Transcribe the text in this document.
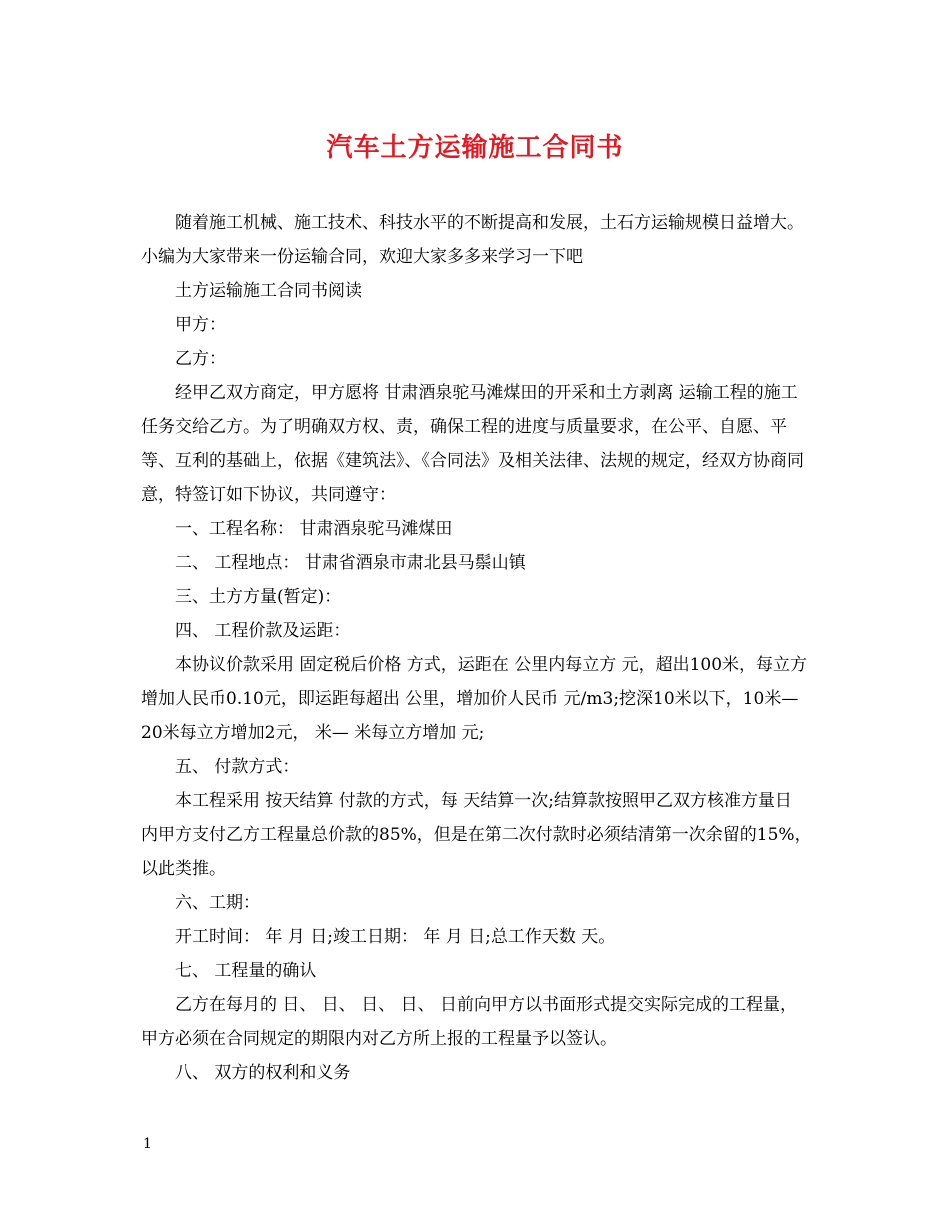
汽车土方运输施工合同书

随着施工机械、施工技术、科技水平的不断提高和发展，土石方运输规模日益增大。小编为大家带来一份运输合同，欢迎大家多多来学习一下吧

土方运输施工合同书阅读

甲方：

乙方：

经甲乙双方商定，甲方愿将 甘肃酒泉驼马滩煤田的开采和土方剥离 运输工程的施工任务交给乙方。为了明确双方权、责，确保工程的进度与质量要求，在公平、自愿、平等、互利的基础上，依据《建筑法》、《合同法》及相关法律、法规的规定，经双方协商同意，特签订如下协议，共同遵守：

一、工程名称： 甘肃酒泉驼马滩煤田

二、 工程地点： 甘肃省酒泉市肃北县马鬃山镇

三、土方方量(暂定)：

四、 工程价款及运距：

本协议价款采用 固定税后价格 方式，运距在 公里内每立方 元，超出100米，每立方增加人民币0.10元，即运距每超出 公里，增加价人民币 元/m3;挖深10米以下，10米—20米每立方增加2元， 米— 米每立方增加 元;

五、 付款方式：

本工程采用 按天结算 付款的方式，每 天结算一次;结算款按照甲乙双方核准方量日 内甲方支付乙方工程量总价款的85%，但是在第二次付款时必须结清第一次余留的15%，以此类推。

六、工期：

开工时间： 年 月 日;竣工日期： 年 月 日;总工作天数 天。

七、 工程量的确认

乙方在每月的 日、 日、 日、 日、 日前向甲方以书面形式提交实际完成的工程量，甲方必须在合同规定的期限内对乙方所上报的工程量予以签认。

八、 双方的权利和义务

1
